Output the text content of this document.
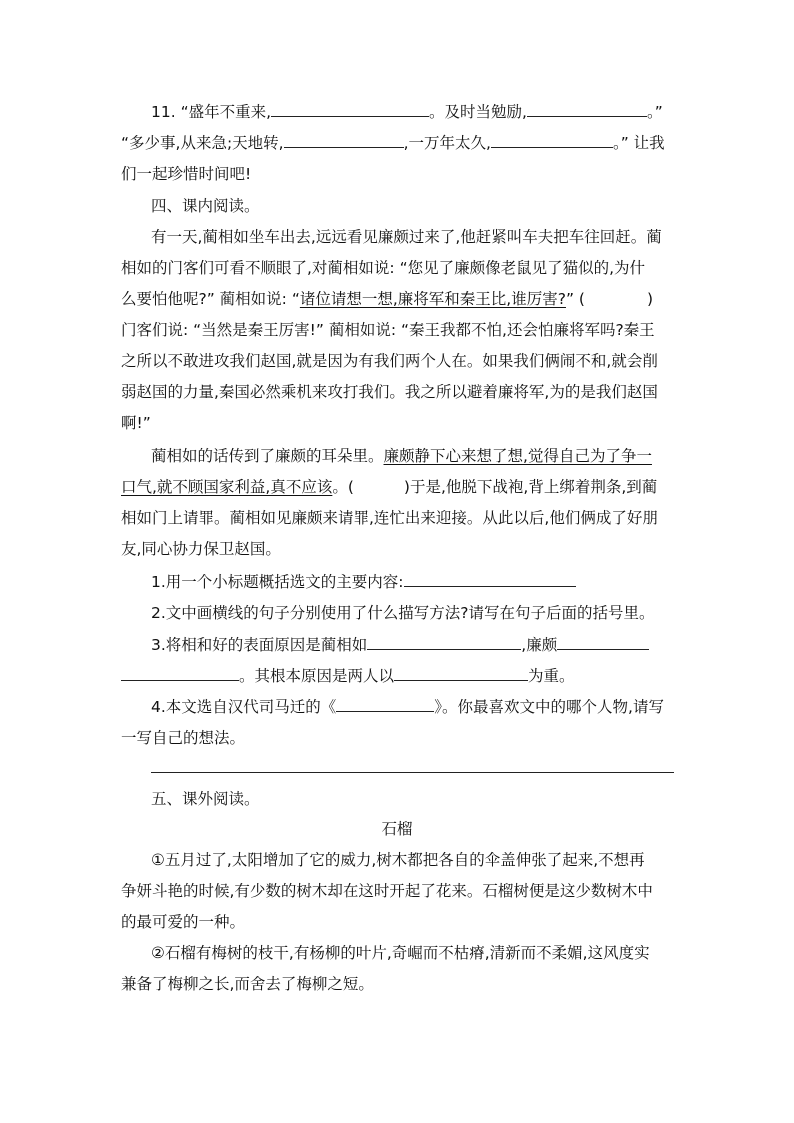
11. “盛年不重来,	。及时当勉励,	。”
“多少事,从来急;天地转,	,一万年太久,	。” 让我
们一起珍惜时间吧!
四、课内阅读。
有一天,蔺相如坐车出去,远远看见廉颇过来了,他赶紧叫车夫把车往回赶。蔺
相如的门客们可看不顺眼了,对蔺相如说: “您见了廉颇像老鼠见了猫似的,为什
么要怕他呢?” 蔺相如说: “诸位请想一想,廉将军和秦王比,谁厉害?” (	)
门客们说: “当然是秦王厉害!” 蔺相如说: “秦王我都不怕,还会怕廉将军吗?秦王
之所以不敢进攻我们赵国,就是因为有我们两个人在。如果我们俩闹不和,就会削
弱赵国的力量,秦国必然乘机来攻打我们。我之所以避着廉将军,为的是我们赵国
啊!”
蔺相如的话传到了廉颇的耳朵里。廉颇静下心来想了想,觉得自己为了争一
口气,就不顾国家利益,真不应该。(	)于是,他脱下战袍,背上绑着荆条,到蔺
相如门上请罪。蔺相如见廉颇来请罪,连忙出来迎接。从此以后,他们俩成了好朋
友,同心协力保卫赵国。
1.用一个小标题概括选文的主要内容:
2.文中画横线的句子分别使用了什么描写方法?请写在句子后面的括号里。
3.将相和好的表面原因是蔺相如	,廉颇
。其根本原因是两人以	为重。
4.本文选自汉代司马迁的《	》。你最喜欢文中的哪个人物,请写
一写自己的想法。
五、课外阅读。
石榴
①五月过了,太阳增加了它的威力,树木都把各自的伞盖伸张了起来,不想再
争妍斗艳的时候,有少数的树木却在这时开起了花来。石榴树便是这少数树木中
的最可爱的一种。
②石榴有梅树的枝干,有杨柳的叶片,奇崛而不枯瘠,清新而不柔媚,这风度实
兼备了梅柳之长,而舍去了梅柳之短。
